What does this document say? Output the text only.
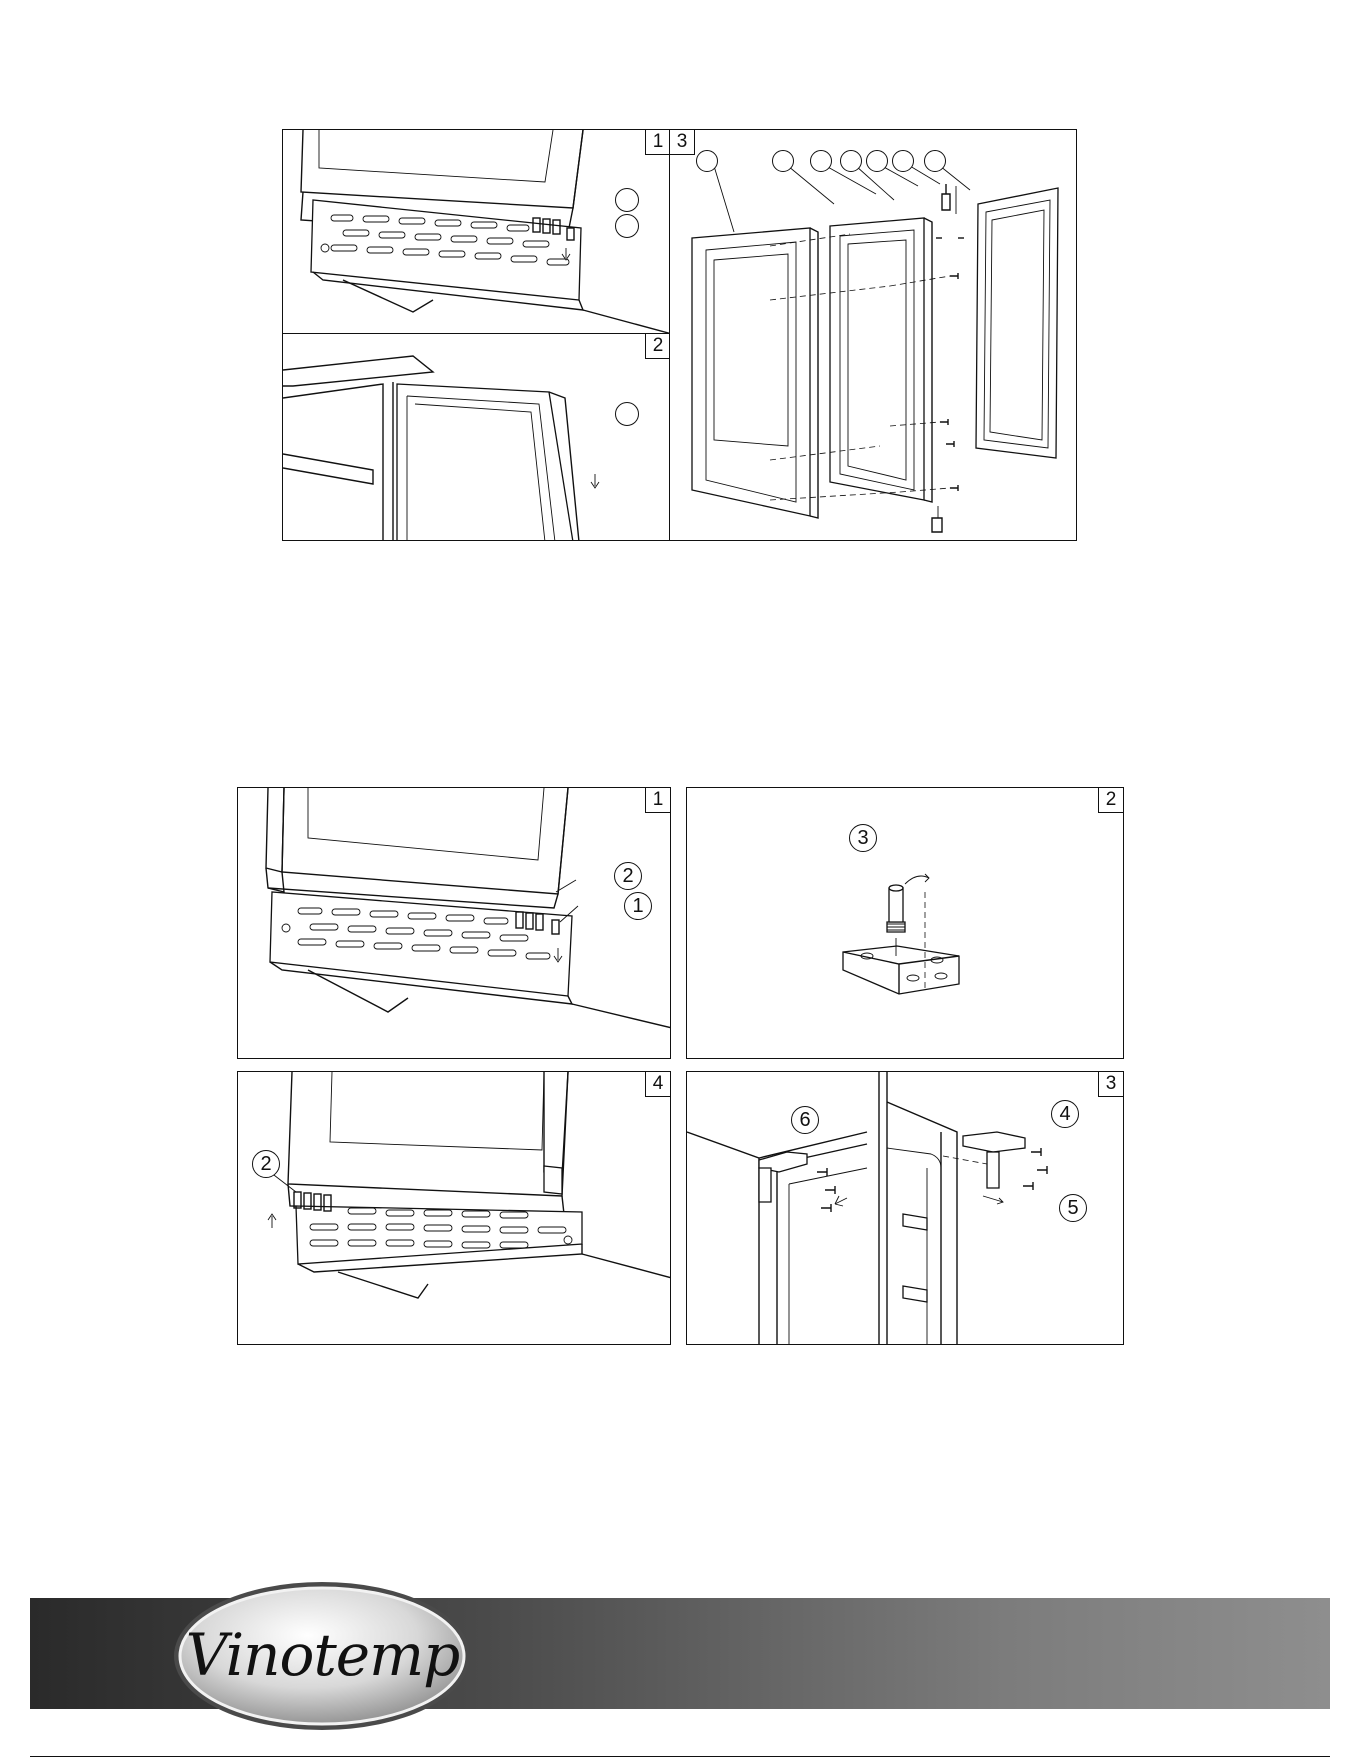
1
2
3
2
1
1
3
2
2
4
6	4
5
3
Vinotemp
